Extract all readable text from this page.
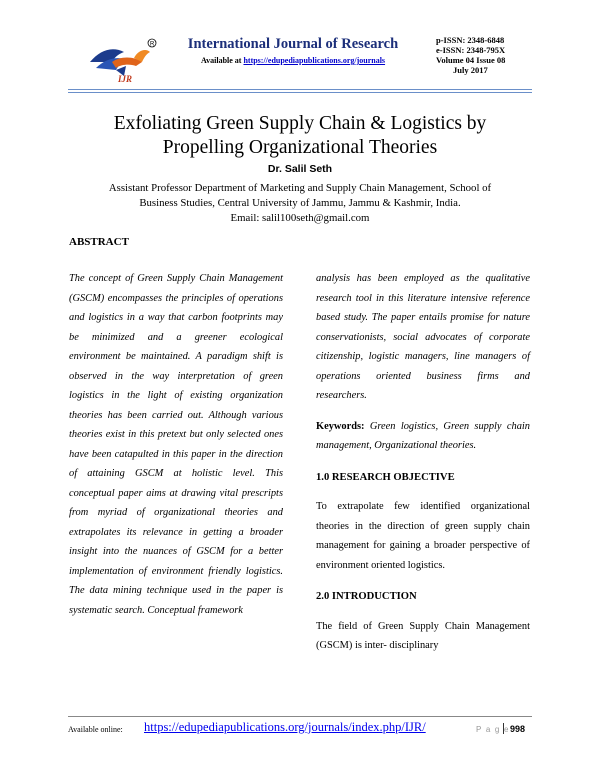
IJR
R	International Journal of Research
Available at https://edupediapublications.org/journals
p-ISSN: 2348-6848
e-ISSN: 2348-795X
Volume 04 Issue 08
July 2017
Exfoliating Green Supply Chain & Logistics by
Propelling Organizational Theories
Dr. Salil Seth
Assistant Professor Department of Marketing and Supply Chain Management, School of
Business Studies, Central University of Jammu, Jammu & Kashmir, India.
Email: salil100seth@gmail.com
ABSTRACT

The concept of Green Supply Chain Management (GSCM) encompasses the principles of operations and logistics in a way that carbon footprints may be minimized and a greener ecological environment be maintained. A paradigm shift is observed in the way interpretation of green logistics in the light of existing organization theories has been carried out. Although various theories exist in this pretext but only selected ones have been catapulted in this paper in the direction of attaining GSCM at holistic level. This conceptual paper aims at drawing vital prescripts from myriad of organizational theories and extrapolates its relevance in getting a broader insight into the nuances of GSCM for a better implementation of environment friendly logistics. The data mining technique used in the paper is systematic search. Conceptual framework

analysis has been employed as the qualitative research tool in this literature intensive reference based study. The paper entails promise for nature conservationists, social advocates of corporate citizenship, logistic managers, line managers of operations oriented business firms and researchers.

Keywords: Green logistics, Green supply chain management, Organizational theories.

1.0 RESEARCH OBJECTIVE

To extrapolate few identified organizational theories in the direction of green supply chain management for gaining a broader perspective of environment oriented logistics.

2.0 INTRODUCTION

The field of Green Supply Chain Management (GSCM) is inter- disciplinary

Available online: https://edupediapublications.org/journals/index.php/IJR/	P a g e 998
